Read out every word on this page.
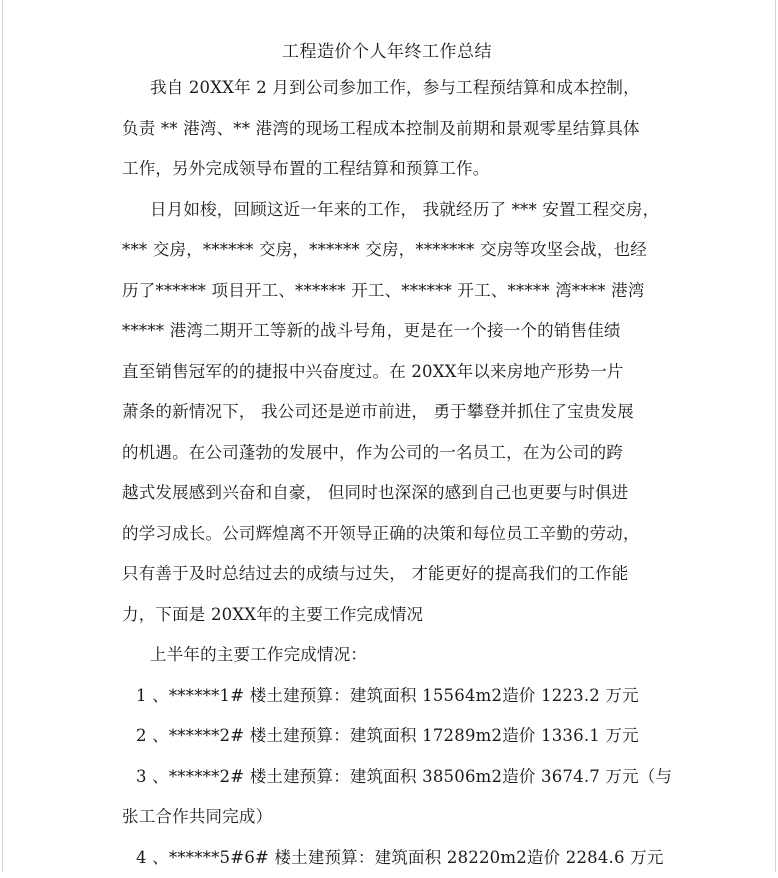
工程造价个人年终工作总结
我自 20XX年 2 月到公司参加工作，参与工程预结算和成本控制，
负责 ** 港湾、** 港湾的现场工程成本控制及前期和景观零星结算具体
工作，另外完成领导布置的工程结算和预算工作。
日月如梭，回顾这近一年来的工作， 我就经历了 *** 安置工程交房，
*** 交房，****** 交房，****** 交房，******* 交房等攻坚会战，也经
历了****** 项目开工、****** 开工、****** 开工、***** 湾**** 港湾
***** 港湾二期开工等新的战斗号角，更是在一个接一个的销售佳绩
直至销售冠军的的捷报中兴奋度过。在 20XX年以来房地产形势一片
萧条的新情况下， 我公司还是逆市前进， 勇于攀登并抓住了宝贵发展
的机遇。在公司蓬勃的发展中，作为公司的一名员工，在为公司的跨
越式发展感到兴奋和自豪， 但同时也深深的感到自己也更要与时俱进
的学习成长。公司辉煌离不开领导正确的决策和每位员工辛勤的劳动，
只有善于及时总结过去的成绩与过失， 才能更好的提高我们的工作能
力，下面是 20XX年的主要工作完成情况
上半年的主要工作完成情况：
1 、******1# 楼土建预算：建筑面积 15564m2造价 1223.2 万元
2 、******2# 楼土建预算：建筑面积 17289m2造价 1336.1 万元
3 、******2# 楼土建预算：建筑面积 38506m2造价 3674.7 万元（与
张工合作共同完成）
4 、******5#6# 楼土建预算：建筑面积 28220m2造价 2284.6 万元
